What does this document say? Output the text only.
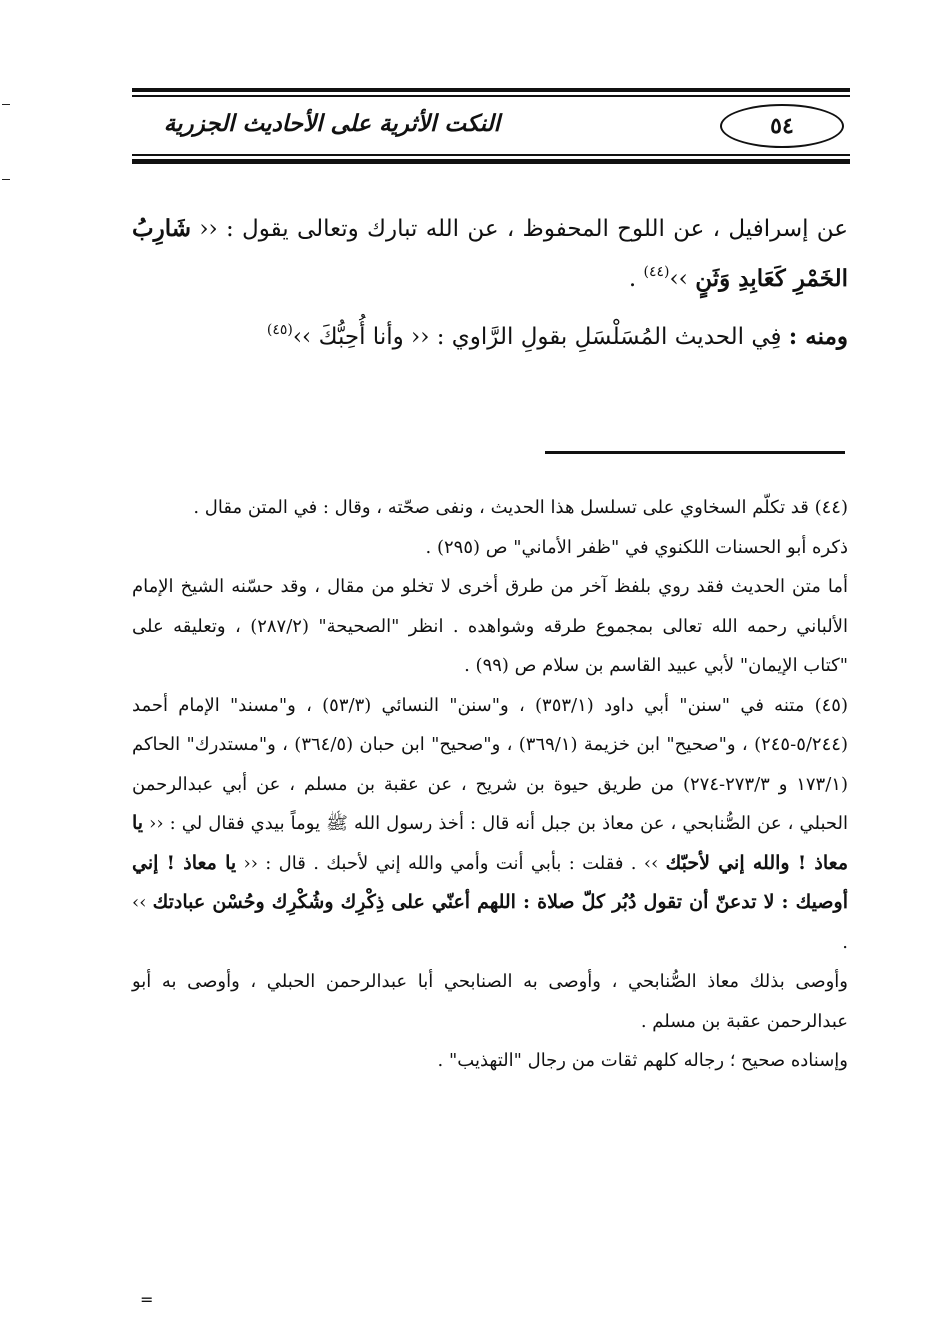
النكت الأثرية على الأحاديث الجزرية	٥٤

عن إسرافيل ، عن اللوح المحفوظ ، عن الله تبارك وتعالى يقول : ‹‹ شَارِبُ الخَمْرِ كَعَابِدِ وَثَنٍ ››$^{(٤٤)}$ .

ومنه : فِي الحديث المُسَلْسَلِ بقولِ الرَّاوي : ‹‹ وأنا أُحِبُّكَ ››$^{(٤٥)}$

(٤٤) قد تكلّم السخاوي على تسلسل هذا الحديث ، ونفى صحّته ، وقال : في المتن مقال .

ذكره أبو الحسنات اللكنوي في "ظفر الأماني" ص (٢٩٥) .

أما متن الحديث فقد روي بلفظ آخر من طرق أخرى لا تخلو من مقال ، وقد حسّنه الشيخ الإمام الألباني رحمه الله تعالى بمجموع طرقه وشواهده . انظر "الصحيحة" (٢٨٧/٢) ، وتعليقه على "كتاب الإيمان" لأبي عبيد القاسم بن سلام ص (٩٩) .

(٤٥) متنه في "سنن" أبي داود (٣٥٣/١) ، و"سنن" النسائي (٥٣/٣) ، و"مسند" الإمام أحمد (٥/٢٤٤-٢٤٥) ، و"صحيح" ابن خزيمة (٣٦٩/١) ، و"صحيح" ابن حبان (٣٦٤/٥) ، و"مستدرك" الحاكم (١٧٣/١ و ٢٧٣/٣-٢٧٤) من طريق حيوة بن شريح ، عن عقبة بن مسلم ، عن أبي عبدالرحمن الحبلي ، عن الصُّنابحي ، عن معاذ بن جبل أنه قال : أخذ رسول الله ﷺ يوماً بيدي فقال لي : ‹‹ يا معاذ ! والله إني لأحبّك ›› . فقلت : بأبي أنت وأمي والله إني لأحبك . قال : ‹‹ يا معاذ ! إني أوصيك : لا تدعنّ أن تقول دُبُر كلّ صلاة : اللهم أعنّي على ذِكْرِك وشُكْرِك وحُسْن عبادتك ›› .

وأوصى بذلك معاذ الصُّنابحي ، وأوصى به الصنابحي أبا عبدالرحمن الحبلي ، وأوصى به أبو عبدالرحمن عقبة بن مسلم .

وإسناده صحيح ؛ رجاله كلهم ثقات من رجال "التهذيب" .

=
